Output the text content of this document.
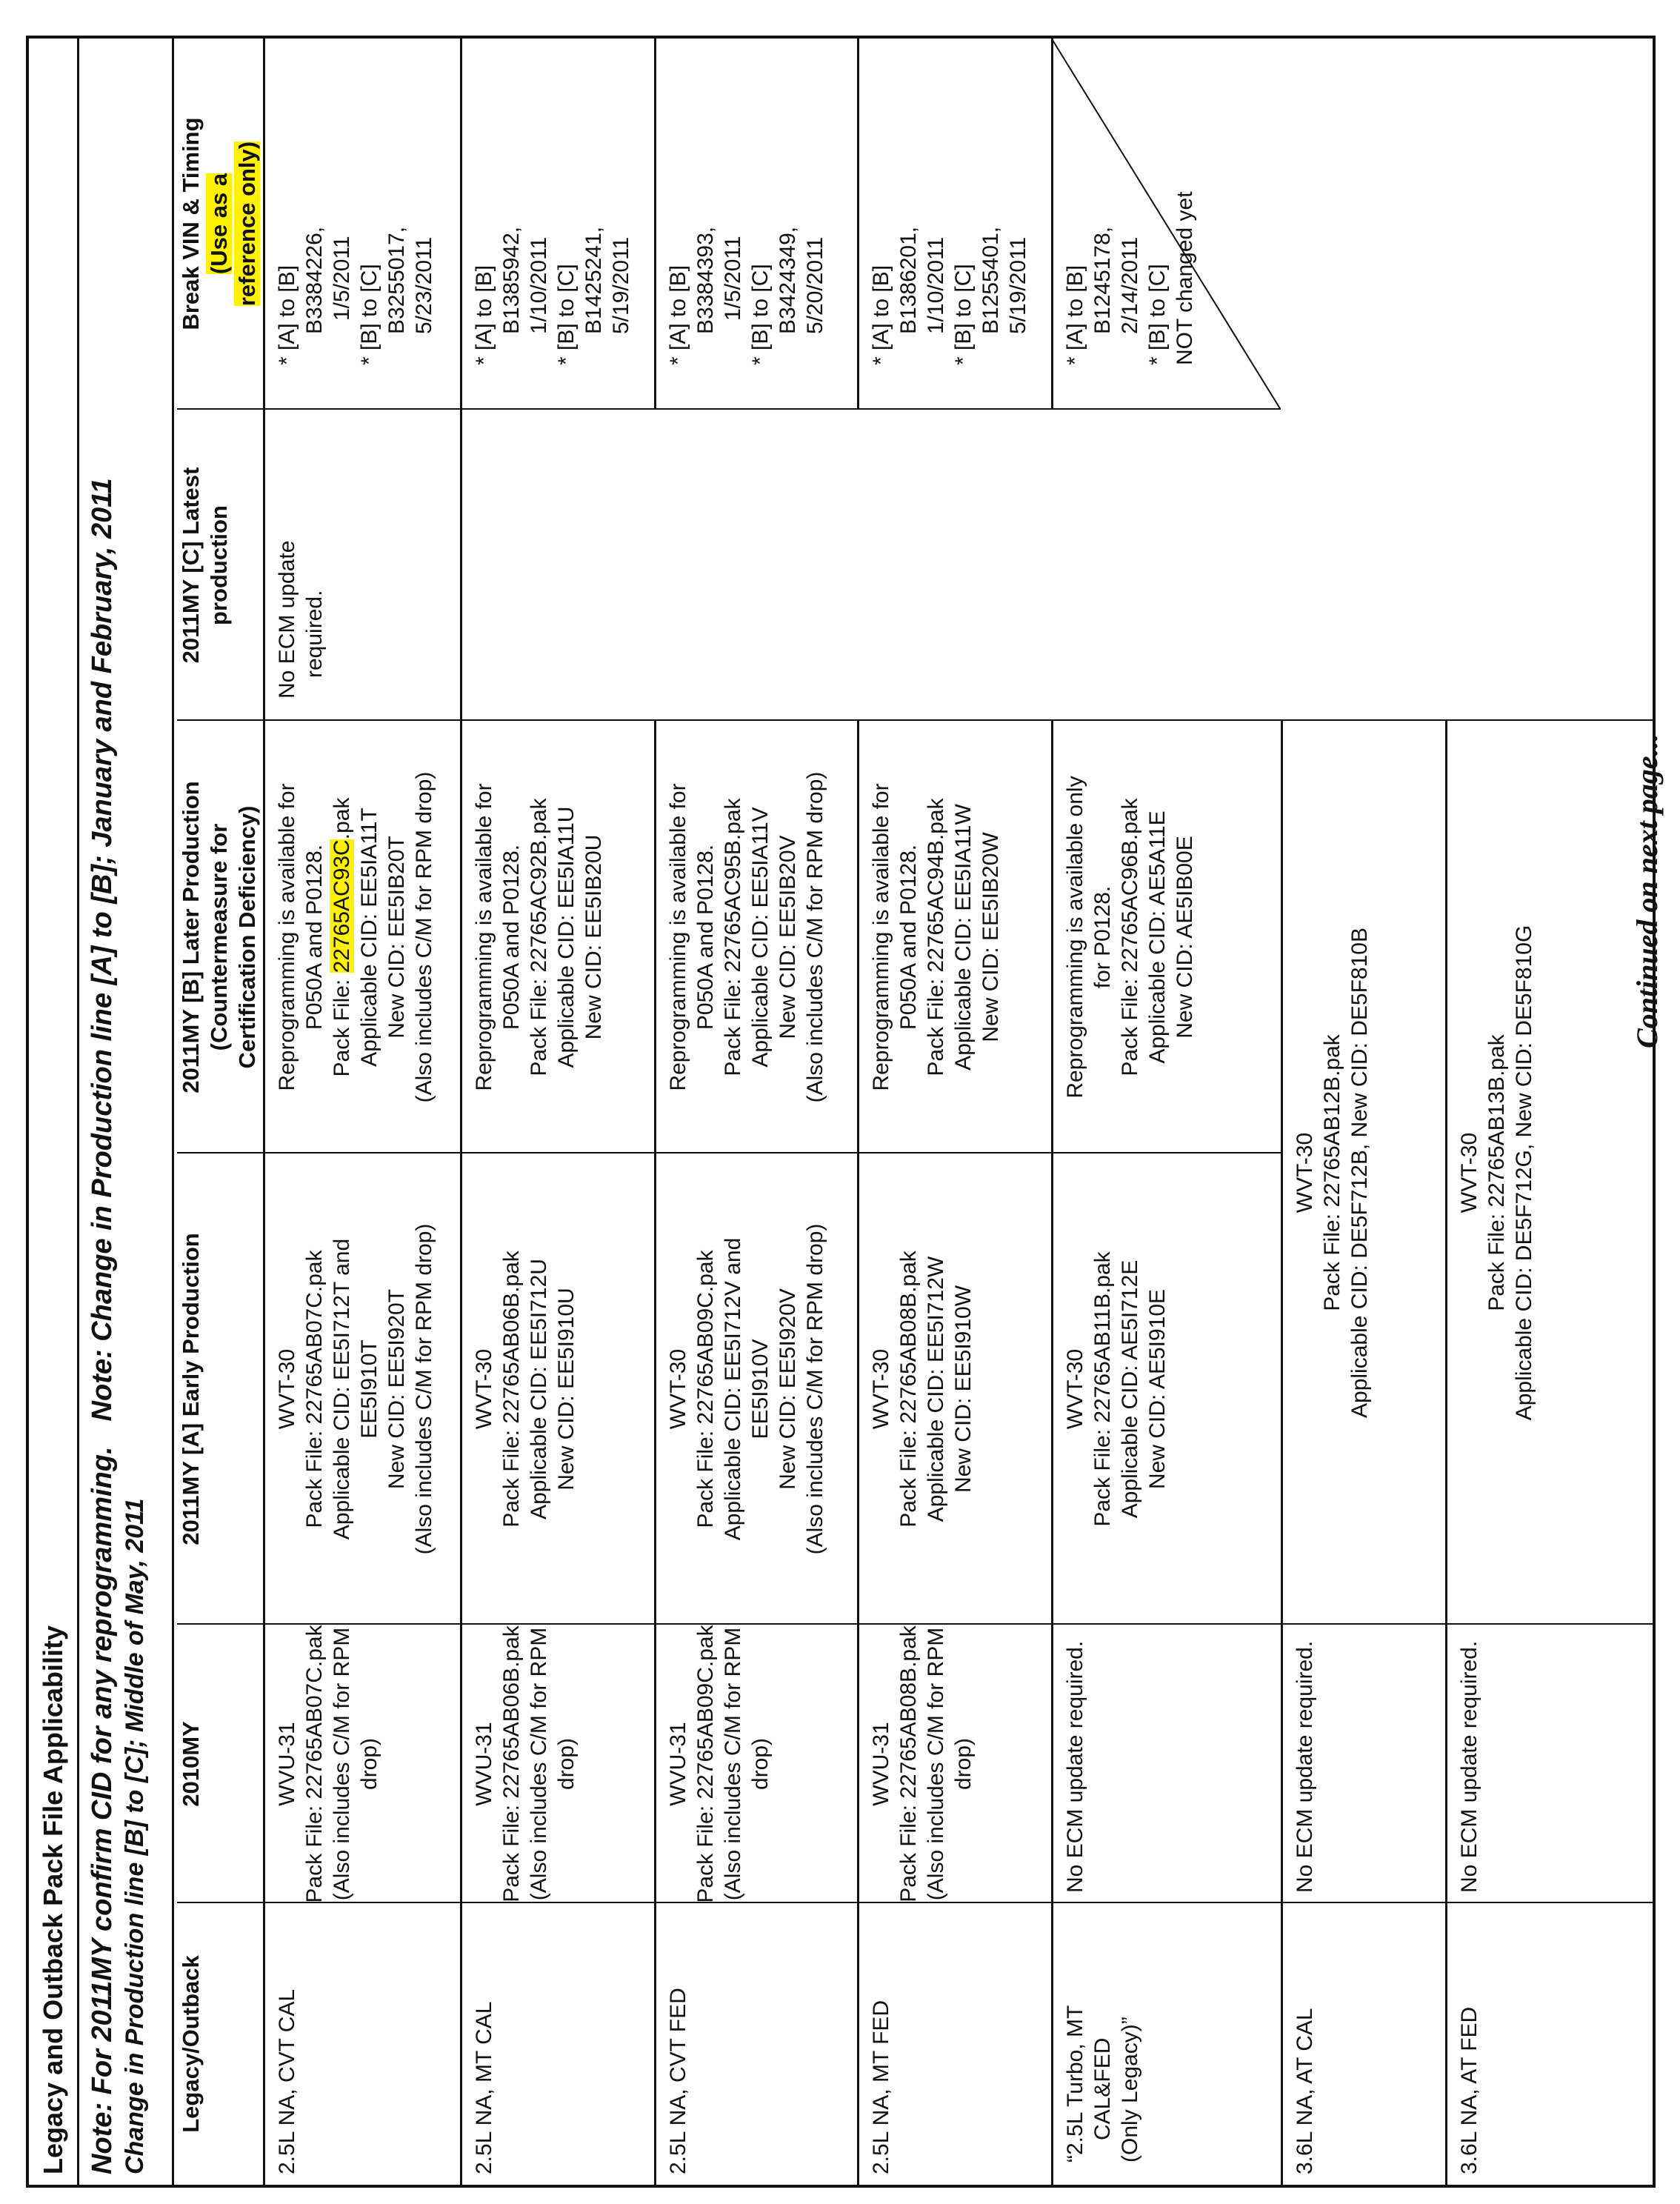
Legacy and Outback Pack File Applicability Note: For 2011MY confirm CID for any reprogramming.Note: Change in Production line [A] to [B]; January and February, 2011
Change in Production line [B] to [C]; Middle of May, 2011 Legacy/Outback
2010MY
2011MY [A] Early Production
2011MY [B] Later Production (Countermeasure for Certification Deficiency)
2011MY [C] Latest production
Break VIN & Timing (Use as a reference only)
2.5L NA, CVT CAL
WVU-31 Pack File: 22765AB07C.pak (Also includes C/M for RPM drop)
WVT-30 Pack File: 22765AB07C.pak Applicable CID: EE5I712T and EE5I910T New CID: EE5I920T (Also includes C/M for RPM drop)
Reprogramming is available for P050A and P0128. Pack File: 22765AC93C.pak Applicable CID: EE5IA11T New CID: EE5IB20T (Also includes C/M for RPM drop)
No ECM update required.
* [A] to [B] B3384226, 1/5/2011 * [B] to [C] B3255017, 5/23/2011
2.5L NA, MT CAL
WVU-31 Pack File: 22765AB06B.pak (Also includes C/M for RPM drop)
WVT-30 Pack File: 22765AB06B.pak Applicable CID: EE5I712U New CID: EE5I910U
Reprogramming is available for P050A and P0128. Pack File: 22765AC92B.pak Applicable CID: EE5IA11U New CID: EE5IB20U
* [A] to [B] B1385942, 1/10/2011 * [B] to [C] B1425241, 5/19/2011
2.5L NA, CVT FED
WVU-31 Pack File: 22765AB09C.pak (Also includes C/M for RPM drop)
WVT-30 Pack File: 22765AB09C.pak Applicable CID: EE5I712V and EE5I910V New CID: EE5I920V (Also includes C/M for RPM drop)
Reprogramming is available for P050A and P0128. Pack File: 22765AC95B.pak Applicable CID: EE5IA11V New CID: EE5IB20V (Also includes C/M for RPM drop)
* [A] to [B] B3384393, 1/5/2011 * [B] to [C] B3424349, 5/20/2011
2.5L NA, MT FED
WVU-31 Pack File: 22765AB08B.pak (Also includes C/M for RPM drop)
WVT-30 Pack File: 22765AB08B.pak Applicable CID: EE5I712W New CID: EE5I910W
Reprogramming is available for P050A and P0128. Pack File: 22765AC94B.pak Applicable CID: EE5IA11W New CID: EE5IB20W
* [A] to [B] B1386201, 1/10/2011 * [B] to [C] B1255401, 5/19/2011
“2.5L Turbo, MT CAL&FED (Only Legacy)”
No ECM update required.
WVT-30 Pack File: 22765AB11B.pak Applicable CID: AE5I712E New CID: AE5I910E
Reprogramming is available only for P0128. Pack File: 22765AC96B.pak Applicable CID: AE5A11E New CID: AE5IB00E
* [A] to [B] B1245178, 2/14/2011 * [B] to [C] NOT changed yet
3.6L NA, AT CAL
No ECM update required.
WVT-30 Pack File: 22765AB12B.pak Applicable CID: DE5F712B, New CID: DE5F810B
3.6L NA, AT FED
No ECM update required.
WVT-30 Pack File: 22765AB13B.pak Applicable CID: DE5F712G, New CID: DE5F810G
Continued on next page...
